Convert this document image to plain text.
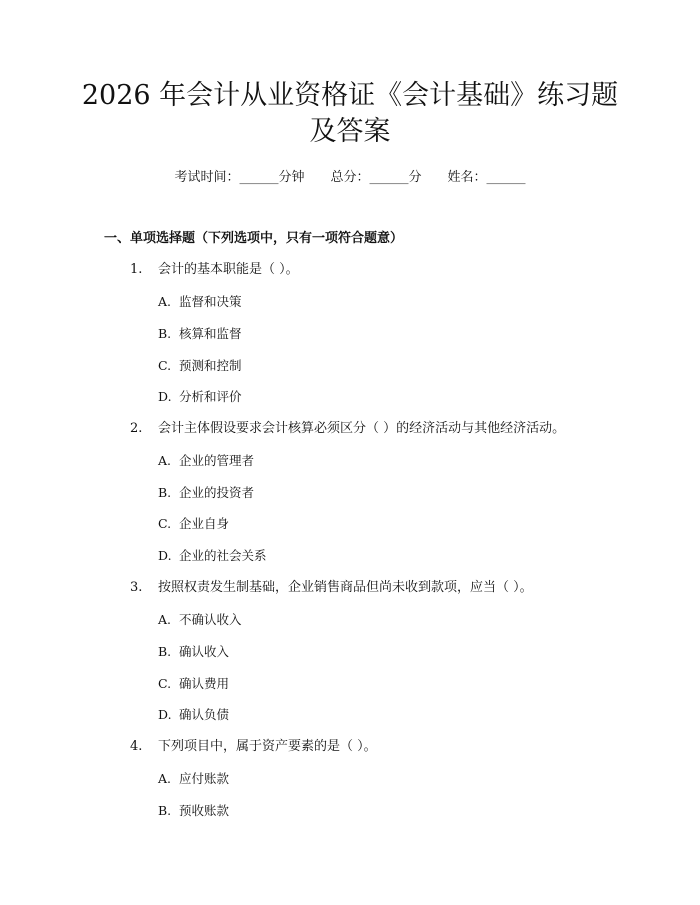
2026 年会计从业资格证《会计基础》练习题
及答案
考试时间：______分钟 总分：______分 姓名：______
一、单项选择题（下列选项中，只有一项符合题意）
1. 会计的基本职能是（ ）。
A. 监督和决策
B. 核算和监督
C. 预测和控制
D. 分析和评价
2. 会计主体假设要求会计核算必须区分（ ）的经济活动与其他经济活动。
A. 企业的管理者
B. 企业的投资者
C. 企业自身
D. 企业的社会关系
3. 按照权责发生制基础，企业销售商品但尚未收到款项，应当（ ）。
A. 不确认收入
B. 确认收入
C. 确认费用
D. 确认负债
4. 下列项目中，属于资产要素的是（ ）。
A. 应付账款
B. 预收账款
